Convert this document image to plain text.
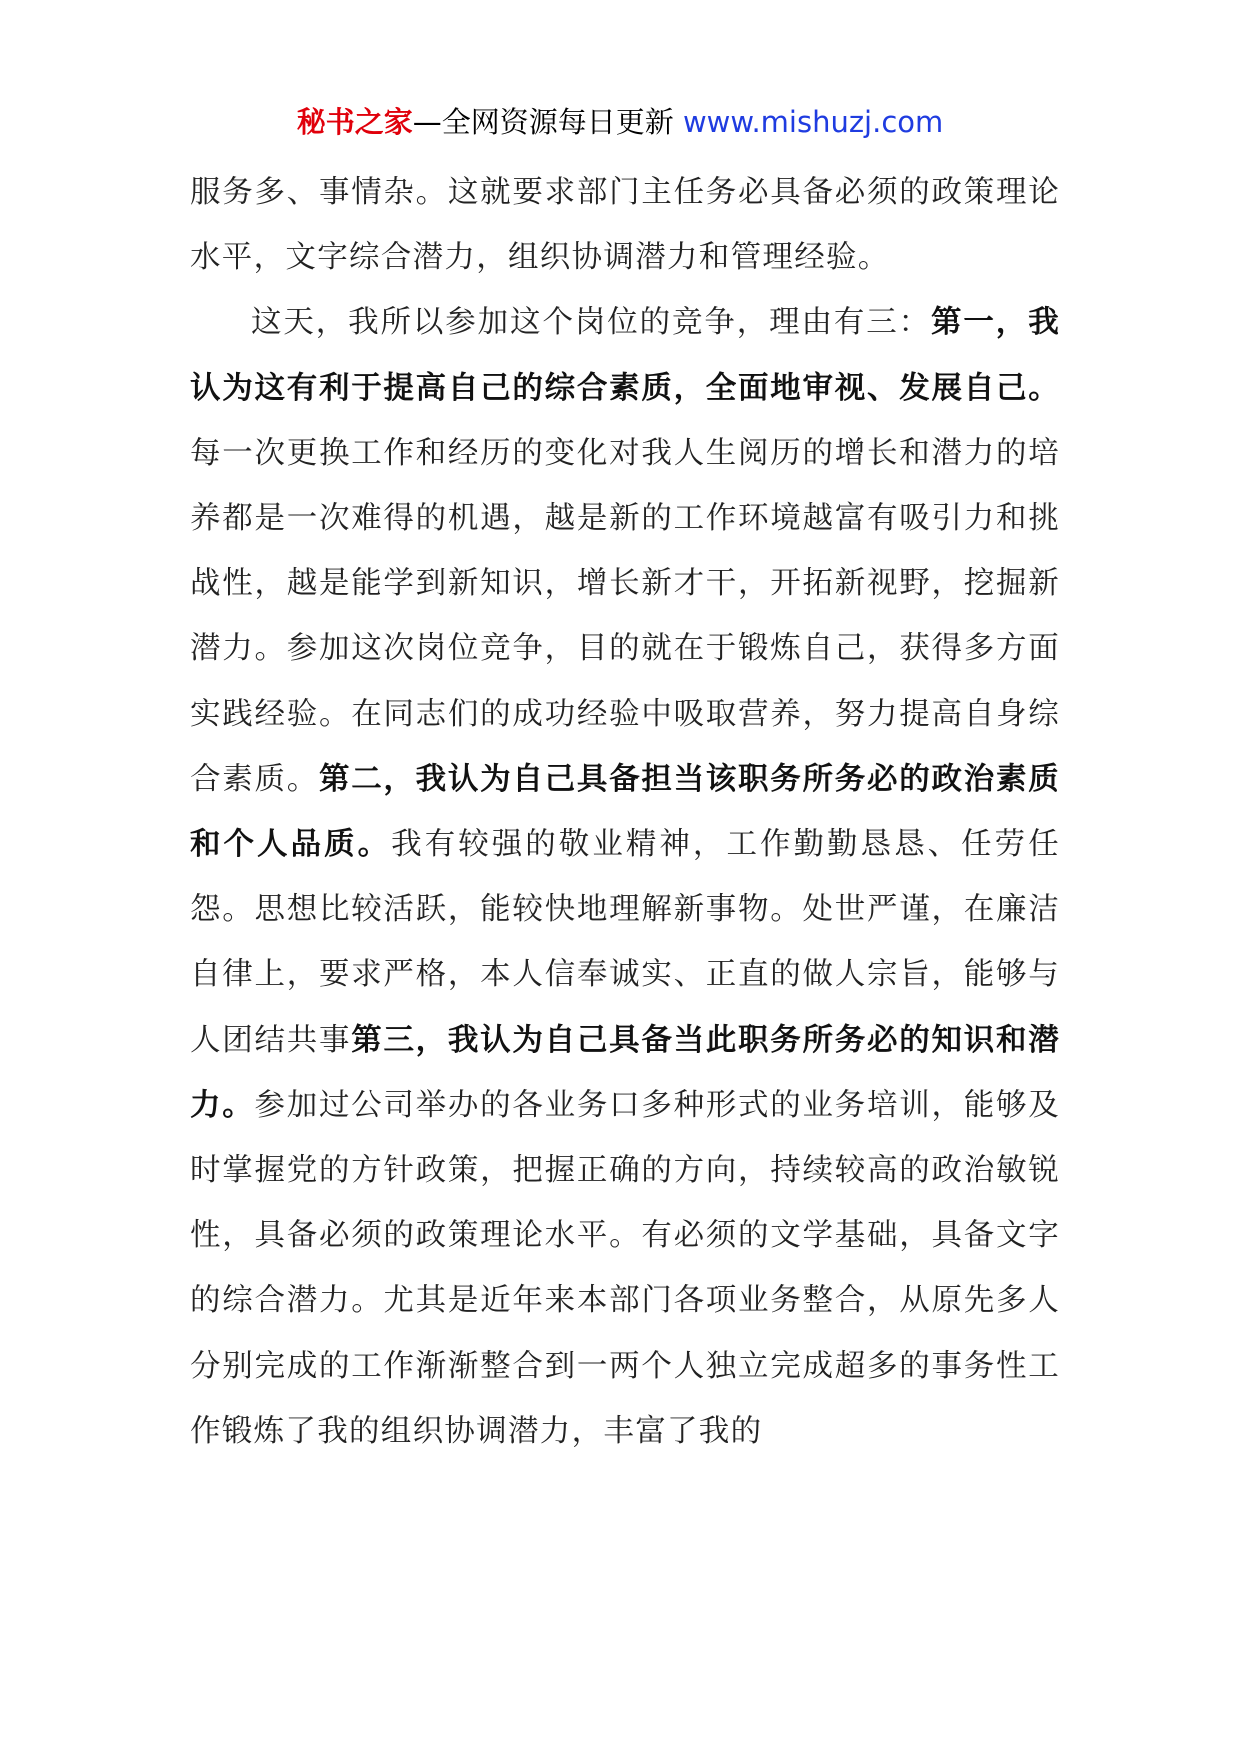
秘书之家—全网资源每日更新 www.mishuzj.com

服务多、事情杂。这就要求部门主任务必具备必须的政策理论水平，文字综合潜力，组织协调潜力和管理经验。

这天，我所以参加这个岗位的竞争，理由有三：第一，我认为这有利于提高自己的综合素质，全面地审视、发展自己。每一次更换工作和经历的变化对我人生阅历的增长和潜力的培养都是一次难得的机遇，越是新的工作环境越富有吸引力和挑战性，越是能学到新知识，增长新才干，开拓新视野，挖掘新潜力。参加这次岗位竞争，目的就在于锻炼自己，获得多方面实践经验。在同志们的成功经验中吸取营养，努力提高自身综合素质。第二，我认为自己具备担当该职务所务必的政治素质和个人品质。我有较强的敬业精神，工作勤勤恳恳、任劳任怨。思想比较活跃，能较快地理解新事物。处世严谨，在廉洁自律上，要求严格，本人信奉诚实、正直的做人宗旨，能够与人团结共事第三，我认为自己具备当此职务所务必的知识和潜力。参加过公司举办的各业务口多种形式的业务培训，能够及时掌握党的方针政策，把握正确的方向，持续较高的政治敏锐性，具备必须的政策理论水平。有必须的文学基础，具备文字的综合潜力。尤其是近年来本部门各项业务整合，从原先多人分别完成的工作渐渐整合到一两个人独立完成超多的事务性工作锻炼了我的组织协调潜力，丰富了我的
